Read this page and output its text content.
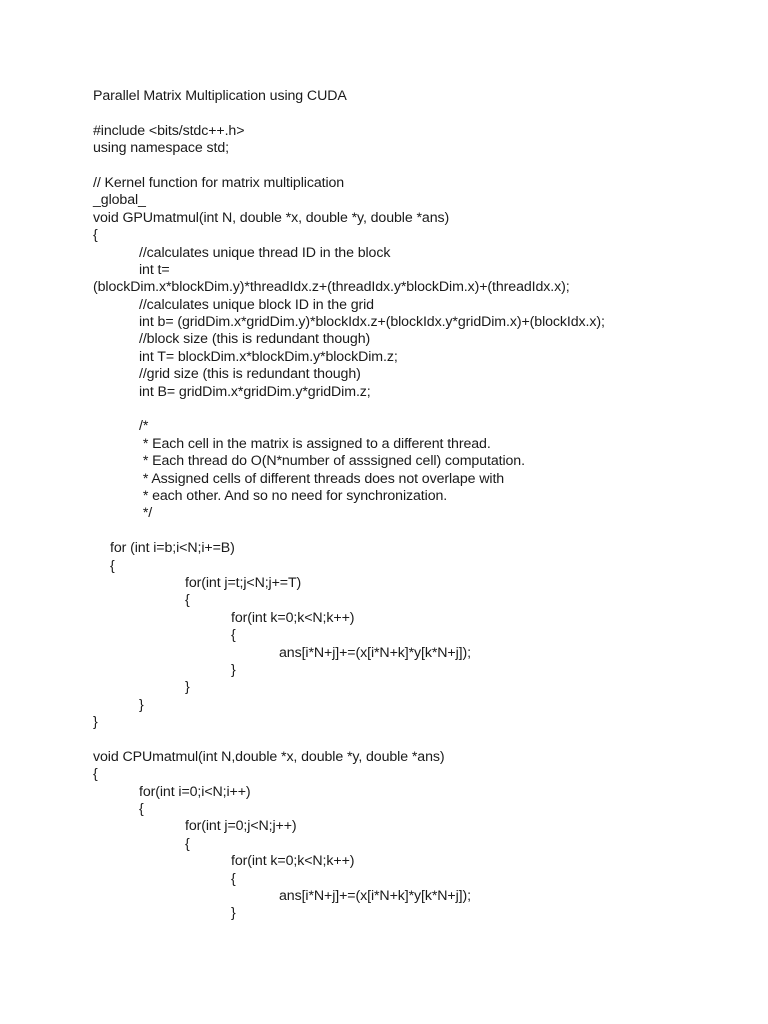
Parallel Matrix Multiplication using CUDA
#include <bits/stdc++.h>
using namespace std;
// Kernel function for matrix multiplication
_global_
void GPUmatmul(int N, double *x, double *y, double *ans)
{
//calculates unique thread ID in the block
int t=
(blockDim.x*blockDim.y)*threadIdx.z+(threadIdx.y*blockDim.x)+(threadIdx.x);
//calculates unique block ID in the grid
int b= (gridDim.x*gridDim.y)*blockIdx.z+(blockIdx.y*gridDim.x)+(blockIdx.x);
//block size (this is redundant though)
int T= blockDim.x*blockDim.y*blockDim.z;
//grid size (this is redundant though)
int B= gridDim.x*gridDim.y*gridDim.z;
/*
* Each cell in the matrix is assigned to a different thread.
* Each thread do O(N*number of asssigned cell) computation.
* Assigned cells of different threads does not overlape with
* each other. And so no need for synchronization.
*/
for (int i=b;i<N;i+=B)
{
for(int j=t;j<N;j+=T)
{
for(int k=0;k<N;k++)
{
ans[i*N+j]+=(x[i*N+k]*y[k*N+j]);
}
}
}
}
void CPUmatmul(int N,double *x, double *y, double *ans)
{
for(int i=0;i<N;i++)
{
for(int j=0;j<N;j++)
{
for(int k=0;k<N;k++)
{
ans[i*N+j]+=(x[i*N+k]*y[k*N+j]);
}
